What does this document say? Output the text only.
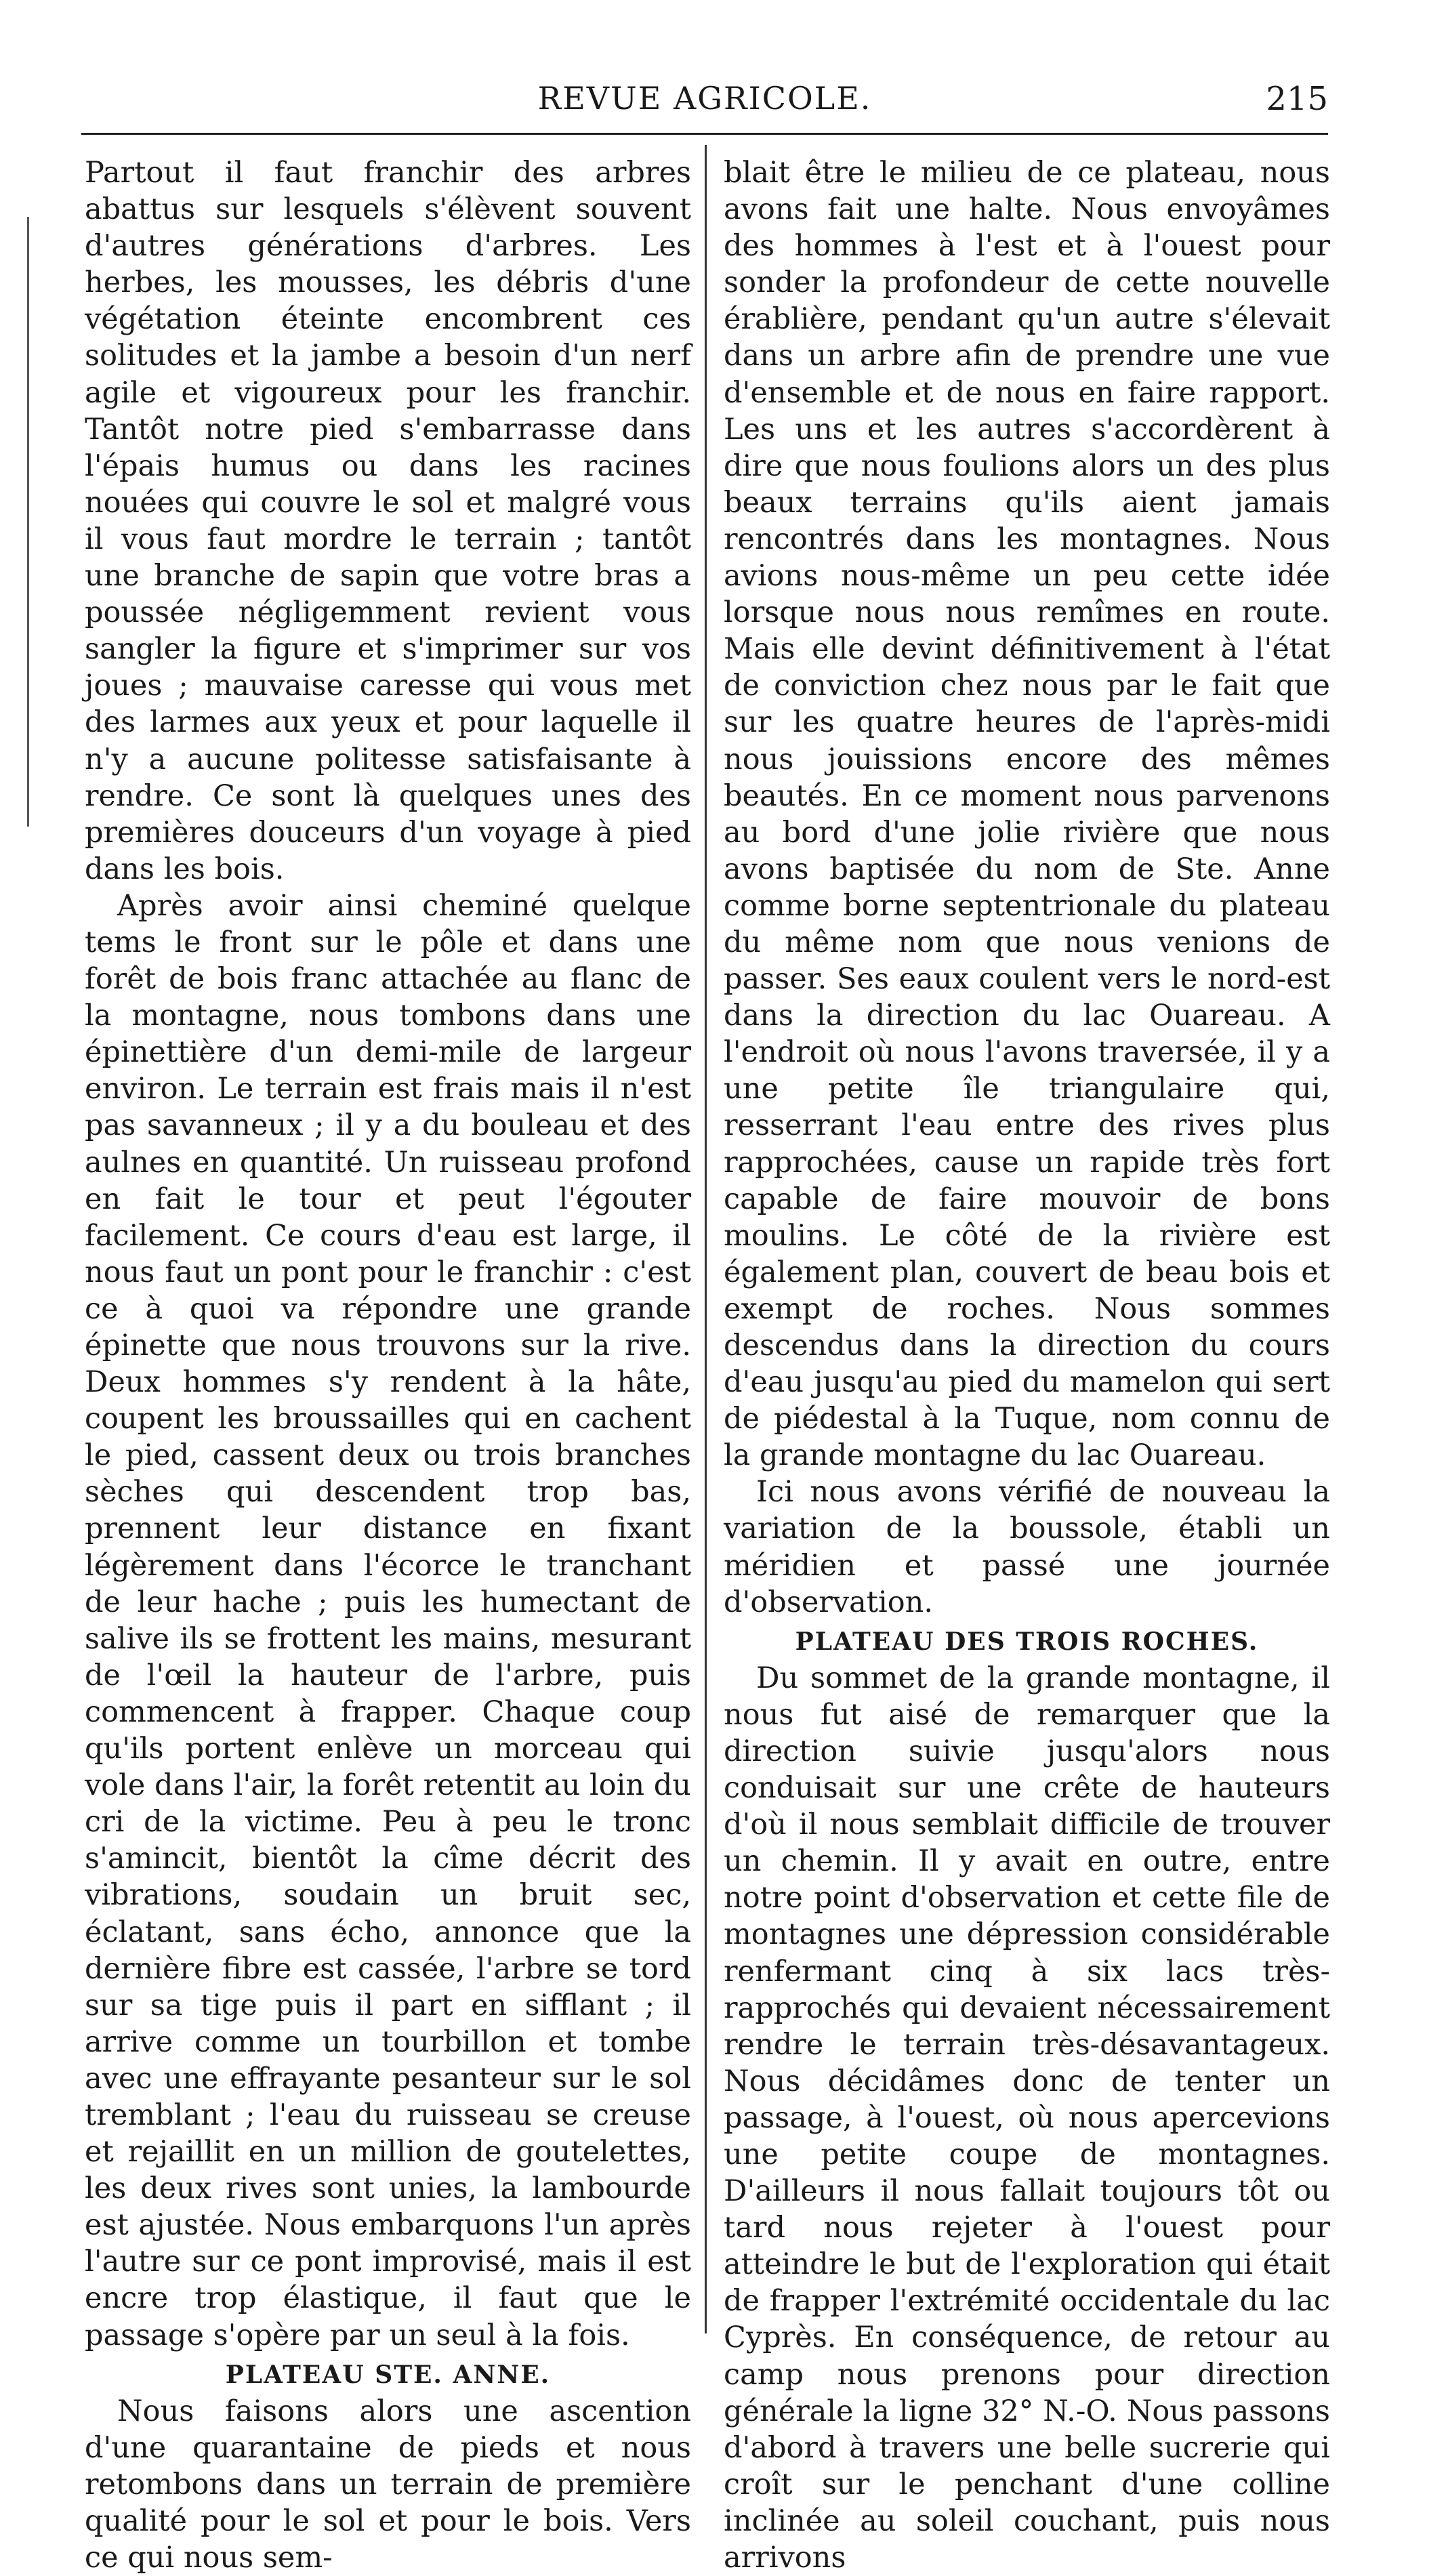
REVUE AGRICOLE.	215

Partout il faut franchir des arbres abattus sur lesquels s'élèvent souvent d'autres générations d'arbres. Les herbes, les mousses, les débris d'une végétation éteinte encombrent ces solitudes et la jambe a besoin d'un nerf agile et vigoureux pour les franchir. Tantôt notre pied s'embarrasse dans l'épais humus ou dans les racines nouées qui couvre le sol et malgré vous il vous faut mordre le terrain ; tantôt une branche de sapin que votre bras a poussée négligemment revient vous sangler la figure et s'imprimer sur vos joues ; mauvaise caresse qui vous met des larmes aux yeux et pour laquelle il n'y a aucune politesse satisfaisante à rendre. Ce sont là quelques unes des premières douceurs d'un voyage à pied dans les bois.

Après avoir ainsi cheminé quelque tems le front sur le pôle et dans une forêt de bois franc attachée au flanc de la montagne, nous tombons dans une épinettière d'un demi-mile de largeur environ. Le terrain est frais mais il n'est pas savanneux ; il y a du bouleau et des aulnes en quantité. Un ruisseau profond en fait le tour et peut l'égouter facilement. Ce cours d'eau est large, il nous faut un pont pour le franchir : c'est ce à quoi va répondre une grande épinette que nous trouvons sur la rive. Deux hommes s'y rendent à la hâte, coupent les broussailles qui en cachent le pied, cassent deux ou trois branches sèches qui descendent trop bas, prennent leur distance en fixant légèrement dans l'écorce le tranchant de leur hache ; puis les humectant de salive ils se frottent les mains, mesurant de l'œil la hauteur de l'arbre, puis commencent à frapper. Chaque coup qu'ils portent enlève un morceau qui vole dans l'air, la forêt retentit au loin du cri de la victime. Peu à peu le tronc s'amincit, bientôt la cîme décrit des vibrations, soudain un bruit sec, éclatant, sans écho, annonce que la dernière fibre est cassée, l'arbre se tord sur sa tige puis il part en sifflant ; il arrive comme un tourbillon et tombe avec une effrayante pesanteur sur le sol tremblant ; l'eau du ruisseau se creuse et rejaillit en un million de goutelettes, les deux rives sont unies, la lambourde est ajustée. Nous embarquons l'un après l'autre sur ce pont improvisé, mais il est encre trop élastique, il faut que le passage s'opère par un seul à la fois.

PLATEAU STE. ANNE.

Nous faisons alors une ascention d'une quarantaine de pieds et nous retombons dans un terrain de première qualité pour le sol et pour le bois. Vers ce qui nous sem-

blait être le milieu de ce plateau, nous avons fait une halte. Nous envoyâmes des hommes à l'est et à l'ouest pour sonder la profondeur de cette nouvelle érablière, pendant qu'un autre s'élevait dans un arbre afin de prendre une vue d'ensemble et de nous en faire rapport. Les uns et les autres s'accordèrent à dire que nous foulions alors un des plus beaux terrains qu'ils aient jamais rencontrés dans les montagnes. Nous avions nous-même un peu cette idée lorsque nous nous remîmes en route. Mais elle devint définitivement à l'état de conviction chez nous par le fait que sur les quatre heures de l'après-midi nous jouissions encore des mêmes beautés. En ce moment nous parvenons au bord d'une jolie rivière que nous avons baptisée du nom de Ste. Anne comme borne septentrionale du plateau du même nom que nous venions de passer. Ses eaux coulent vers le nord-est dans la direction du lac Ouareau. A l'endroit où nous l'avons traversée, il y a une petite île triangulaire qui, resserrant l'eau entre des rives plus rapprochées, cause un rapide très fort capable de faire mouvoir de bons moulins. Le côté de la rivière est également plan, couvert de beau bois et exempt de roches. Nous sommes descendus dans la direction du cours d'eau jusqu'au pied du mamelon qui sert de piédestal à la Tuque, nom connu de la grande montagne du lac Ouareau.

Ici nous avons vérifié de nouveau la variation de la boussole, établi un méridien et passé une journée d'observation.

PLATEAU DES TROIS ROCHES.

Du sommet de la grande montagne, il nous fut aisé de remarquer que la direction suivie jusqu'alors nous conduisait sur une crête de hauteurs d'où il nous semblait difficile de trouver un chemin. Il y avait en outre, entre notre point d'observation et cette file de montagnes une dépression considérable renfermant cinq à six lacs très-rapprochés qui devaient nécessairement rendre le terrain très-désavantageux. Nous décidâmes donc de tenter un passage, à l'ouest, où nous apercevions une petite coupe de montagnes. D'ailleurs il nous fallait toujours tôt ou tard nous rejeter à l'ouest pour atteindre le but de l'exploration qui était de frapper l'extrémité occidentale du lac Cyprès. En conséquence, de retour au camp nous prenons pour direction générale la ligne 32° N.-O. Nous passons d'abord à travers une belle sucrerie qui croît sur le penchant d'une colline inclinée au soleil couchant, puis nous arrivons
